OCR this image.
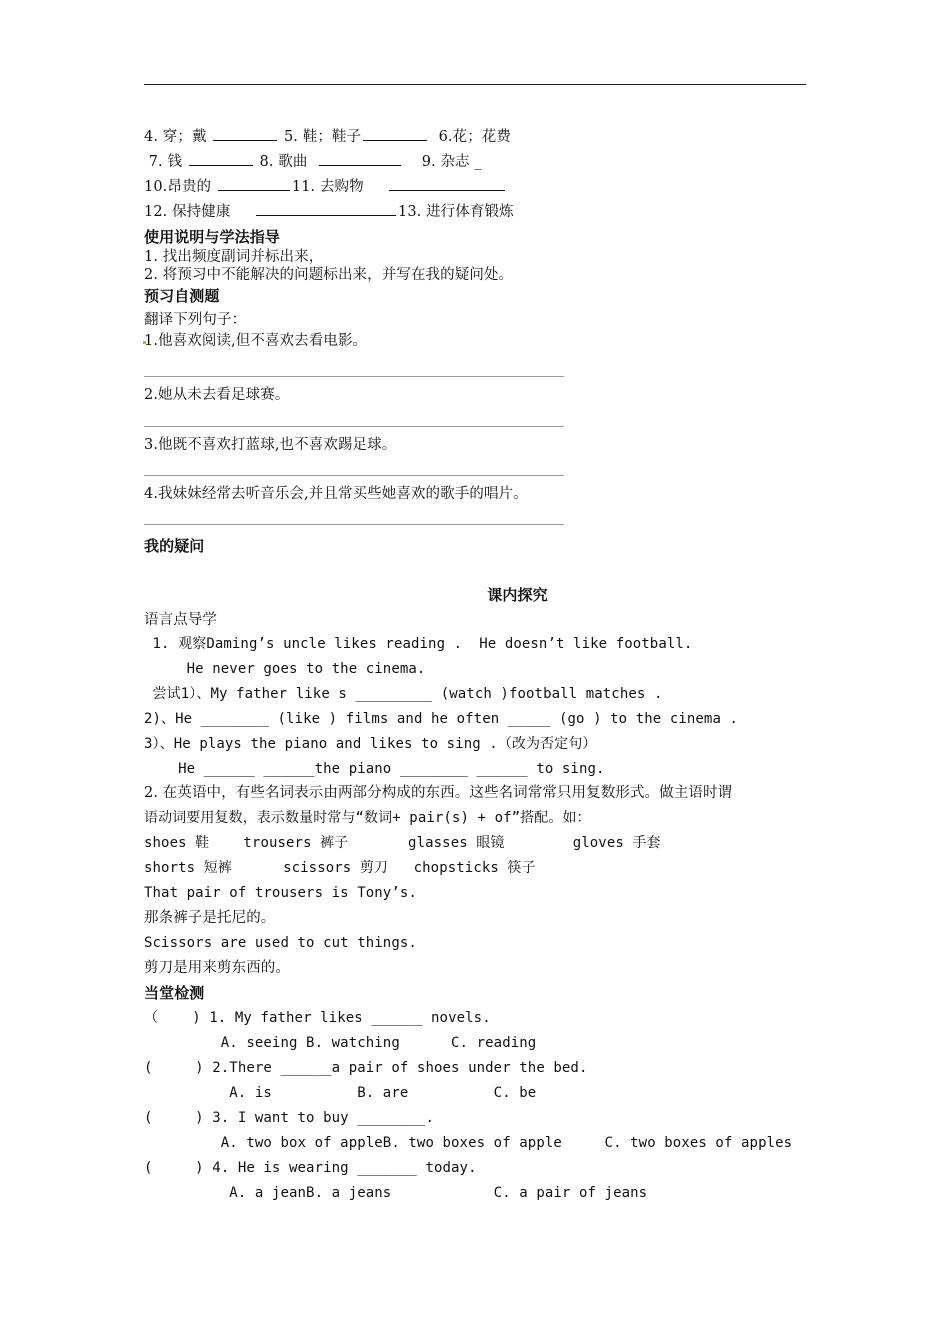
4. 穿；戴	5. 鞋；鞋子	6.花；花费
7. 钱	8. 歌曲	9. 杂志 _
10.昂贵的	11. 去购物
12. 保持健康	13. 进行体育锻炼
使用说明与学法指导
1. 找出频度副词并标出来，
2. 将预习中不能解决的问题标出来，并写在我的疑问处。
预习自测题
翻译下列句子：
1.他喜欢阅读,但不喜欢去看电影。
2.她从未去看足球赛。
3.他既不喜欢打蓝球,也不喜欢踢足球。
4.我妹妹经常去听音乐会,并且常买些她喜欢的歌手的唱片。
我的疑问
课内探究
语言点导学
1. 观察Daming’s uncle likes reading .  He doesn’t like football.
He never goes to the cinema.
尝试1）、My father like s _________ (watch )football matches .
2)、He ________ (like ) films and he often _____ (go ) to the cinema .
3）、He plays the piano and likes to sing .（改为否定句）
He ______ ______the piano ________ ______ to sing.
2. 在英语中，有些名词表示由两部分构成的东西。这些名词常常只用复数形式。做主语时谓
语动词要用复数，表示数量时常与“数词+ pair(s) + of”搭配。如：
shoes 鞋    trousers 裤子       glasses 眼镜        gloves 手套
shorts 短裤      scissors 剪刀   chopsticks 筷子
That pair of trousers is Tony’s.
那条裤子是托尼的。
Scissors are used to cut things.
剪刀是用来剪东西的。
当堂检测
（    ) 1. My father likes ______ novels.
A. seeing B. watching      C. reading
(     ) 2.There ______a pair of shoes under the bed.
A. is          B. are          C. be
(     ) 3. I want to buy ________.
A. two box of appleB. two boxes of apple     C. two boxes of apples
(     ) 4. He is wearing _______ today.
A. a jeanB. a jeans            C. a pair of jeans
